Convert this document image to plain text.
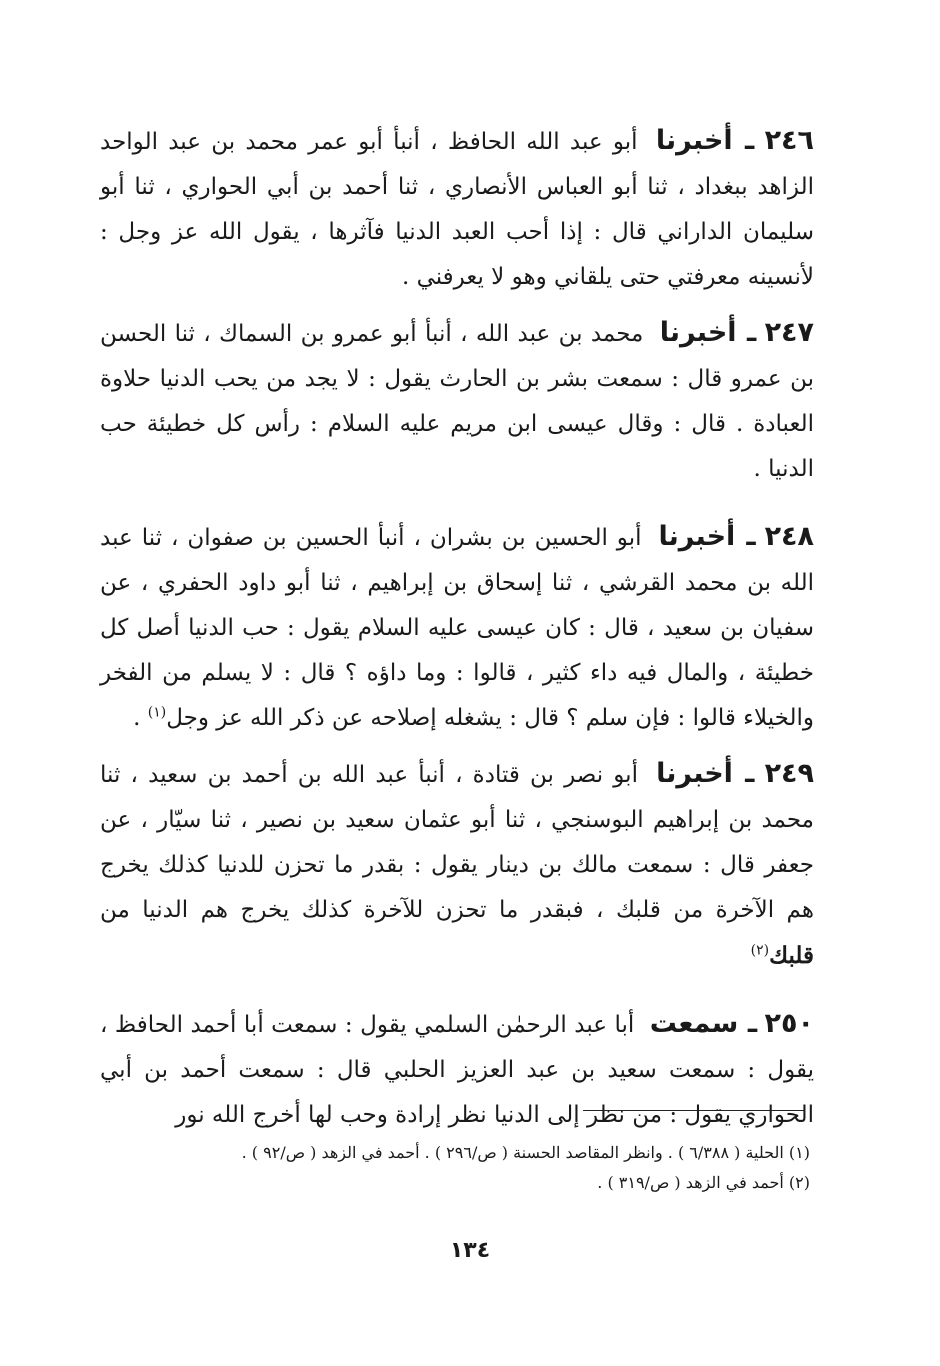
٢٤٦ ـ أخبرنا أبو عبد الله الحافظ ، أنبأ أبو عمر محمد بن عبد الواحد الزاهد ببغداد ، ثنا أبو العباس الأنصاري ، ثنا أحمد بن أبي الحواري ، ثنا أبو سليمان الداراني قال : إذا أحب العبد الدنيا فآثرها ، يقول الله عز وجل : لأنسينه معرفتي حتى يلقاني وهو لا يعرفني .

٢٤٧ ـ أخبرنا محمد بن عبد الله ، أنبأ أبو عمرو بن السماك ، ثنا الحسن بن عمرو قال : سمعت بشر بن الحارث يقول : لا يجد من يحب الدنيا حلاوة العبادة . قال : وقال عيسى ابن مريم عليه السلام : رأس كل خطيئة حب الدنيا .

٢٤٨ ـ أخبرنا أبو الحسين بن بشران ، أنبأ الحسين بن صفوان ، ثنا عبد الله بن محمد القرشي ، ثنا إسحاق بن إبراهيم ، ثنا أبو داود الحفري ، عن سفيان بن سعيد ، قال : كان عيسى عليه السلام يقول : حب الدنيا أصل كل خطيئة ، والمال فيه داء كثير ، قالوا : وما داؤه ؟ قال : لا يسلم من الفخر والخيلاء قالوا : فإن سلم ؟ قال : يشغله إصلاحه عن ذكر الله عز وجل$^{(١)}$ .

٢٤٩ ـ أخبرنا أبو نصر بن قتادة ، أنبأ عبد الله بن أحمد بن سعيد ، ثنا محمد بن إبراهيم البوسنجي ، ثنا أبو عثمان سعيد بن نصير ، ثنا سيّار ، عن جعفر قال : سمعت مالك بن دينار يقول : بقدر ما تحزن للدنيا كذلك يخرج هم الآخرة من قلبك ، فبقدر ما تحزن للآخرة كذلك يخرج هم الدنيا من قلبك$^{(٢)}$

٢٥٠ ـ سمعت أبا عبد الرحمٰن السلمي يقول : سمعت أبا أحمد الحافظ ، يقول : سمعت سعيد بن عبد العزيز الحلبي قال : سمعت أحمد بن أبي الحواري يقول : من نظر إلى الدنيا نظر إرادة وحب لها أخرج الله نور

(١) الحلية ( ٦/٣٨٨ ) . وانظر المقاصد الحسنة ( ص/٢٩٦ ) . أحمد في الزهد ( ص/٩٢ ) .

(٢) أحمد في الزهد ( ص/٣١٩ ) .

١٣٤
